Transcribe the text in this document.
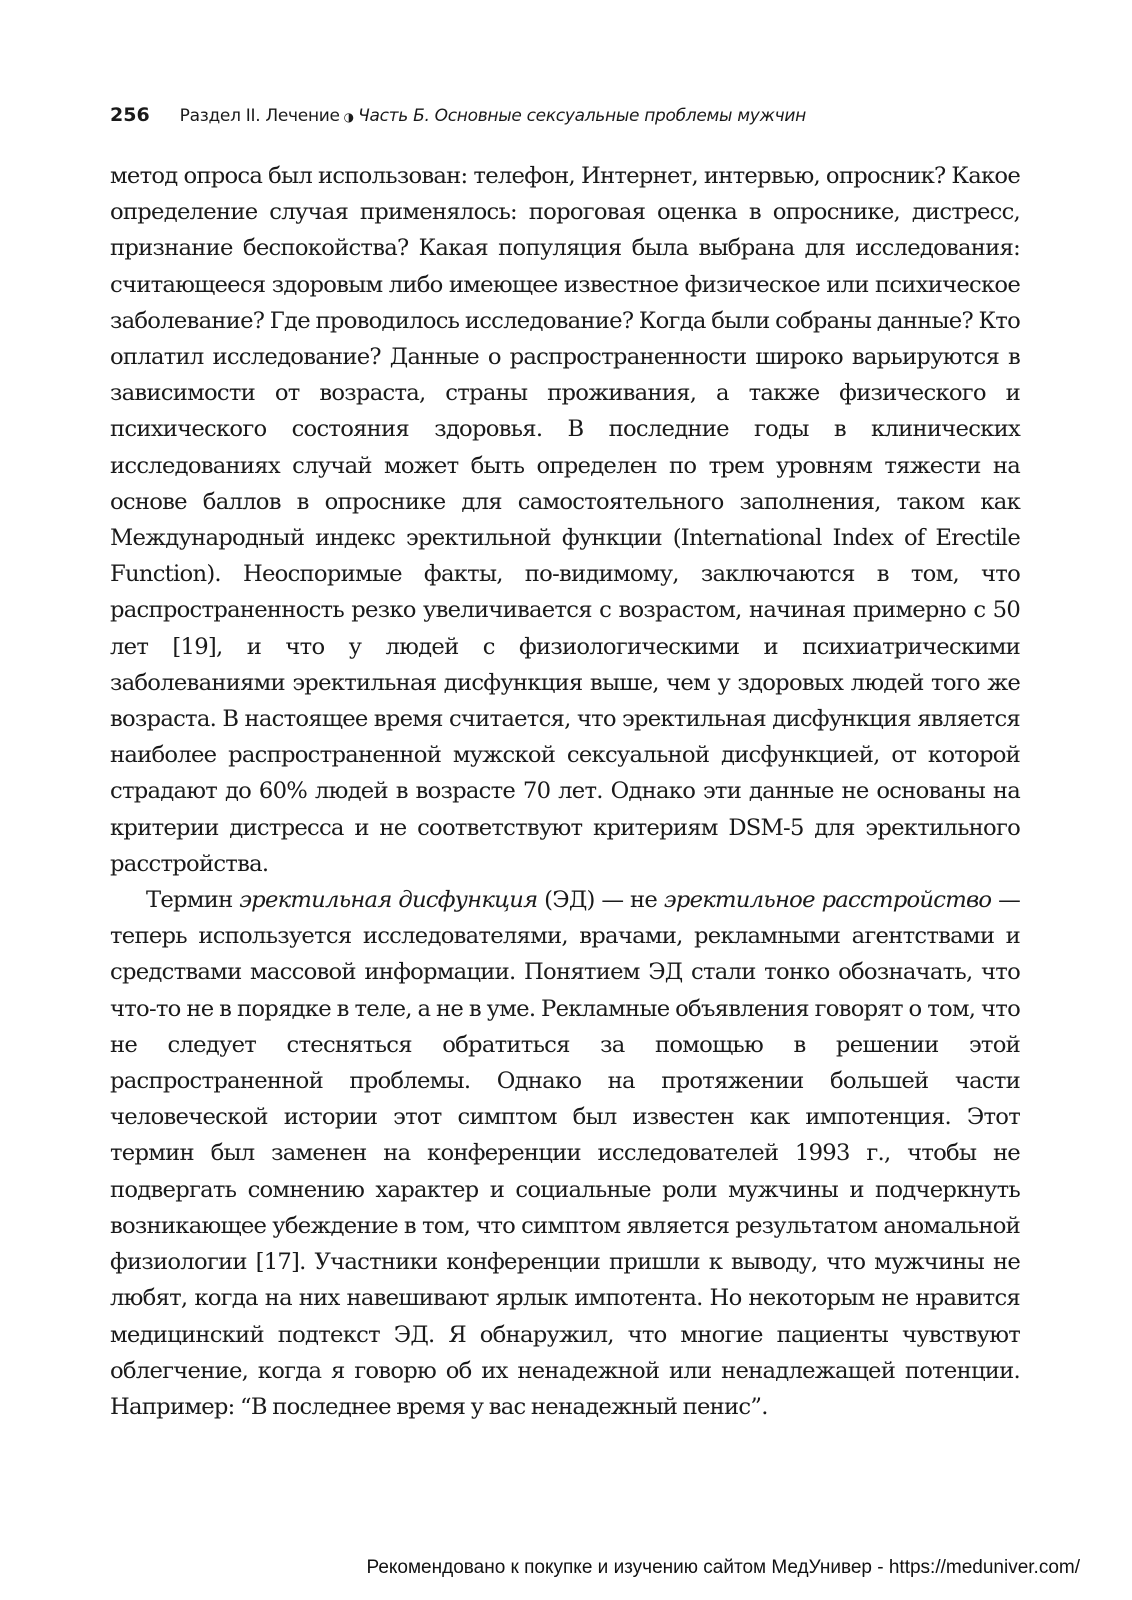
256 Раздел II. Лечение ◑ Часть Б. Основные сексуальные проблемы мужчин

метод опроса был использован: телефон, Интернет, интервью, опросник? Какое определение случая применялось: пороговая оценка в опроснике, дистресс, признание беспокойства? Какая популяция была выбрана для исследования: считающееся здоровым либо имеющее известное физическое или психическое заболевание? Где проводилось исследование? Когда были собраны данные? Кто оплатил исследование? Данные о распространенности широко варьируются в зависимости от возраста, страны проживания, а также физического и психического состояния здоровья. В последние годы в клинических исследованиях случай может быть определен по трем уровням тяжести на основе баллов в опроснике для самостоятельного заполнения, таком как Международный индекс эректильной функции (International Index of Erectile Function). Неоспоримые факты, по-видимому, заключаются в том, что распространенность резко увеличивается с возрастом, начиная примерно с 50 лет [19], и что у людей с физиологическими и психиатрическими заболеваниями эректильная дисфункция выше, чем у здоровых людей того же возраста. В настоящее время считается, что эректильная дисфункция является наиболее распространенной мужской сексуальной дисфункцией, от которой страдают до 60% людей в возрасте 70 лет. Однако эти данные не основаны на критерии дистресса и не соответствуют критериям DSM-5 для эректильного расстройства.

Термин эректильная дисфункция (ЭД) — не эректильное расстройство — теперь используется исследователями, врачами, рекламными агентствами и средствами массовой информации. Понятием ЭД стали тонко обозначать, что что-то не в порядке в теле, а не в уме. Рекламные объявления говорят о том, что не следует стесняться обратиться за помощью в решении этой распространенной проблемы. Однако на протяжении большей части человеческой истории этот симптом был известен как импотенция. Этот термин был заменен на конференции исследователей 1993 г., чтобы не подвергать сомнению характер и социальные роли мужчины и подчеркнуть возникающее убеждение в том, что симптом является результатом аномальной физиологии [17]. Участники конференции пришли к выводу, что мужчины не любят, когда на них навешивают ярлык импотента. Но некоторым не нравится медицинский подтекст ЭД. Я обнаружил, что многие пациенты чувствуют облегчение, когда я говорю об их ненадежной или ненадлежащей потенции. Например: “В последнее время у вас ненадежный пенис”.

Рекомендовано к покупке и изучению сайтом МедУнивер - https://meduniver.com/
